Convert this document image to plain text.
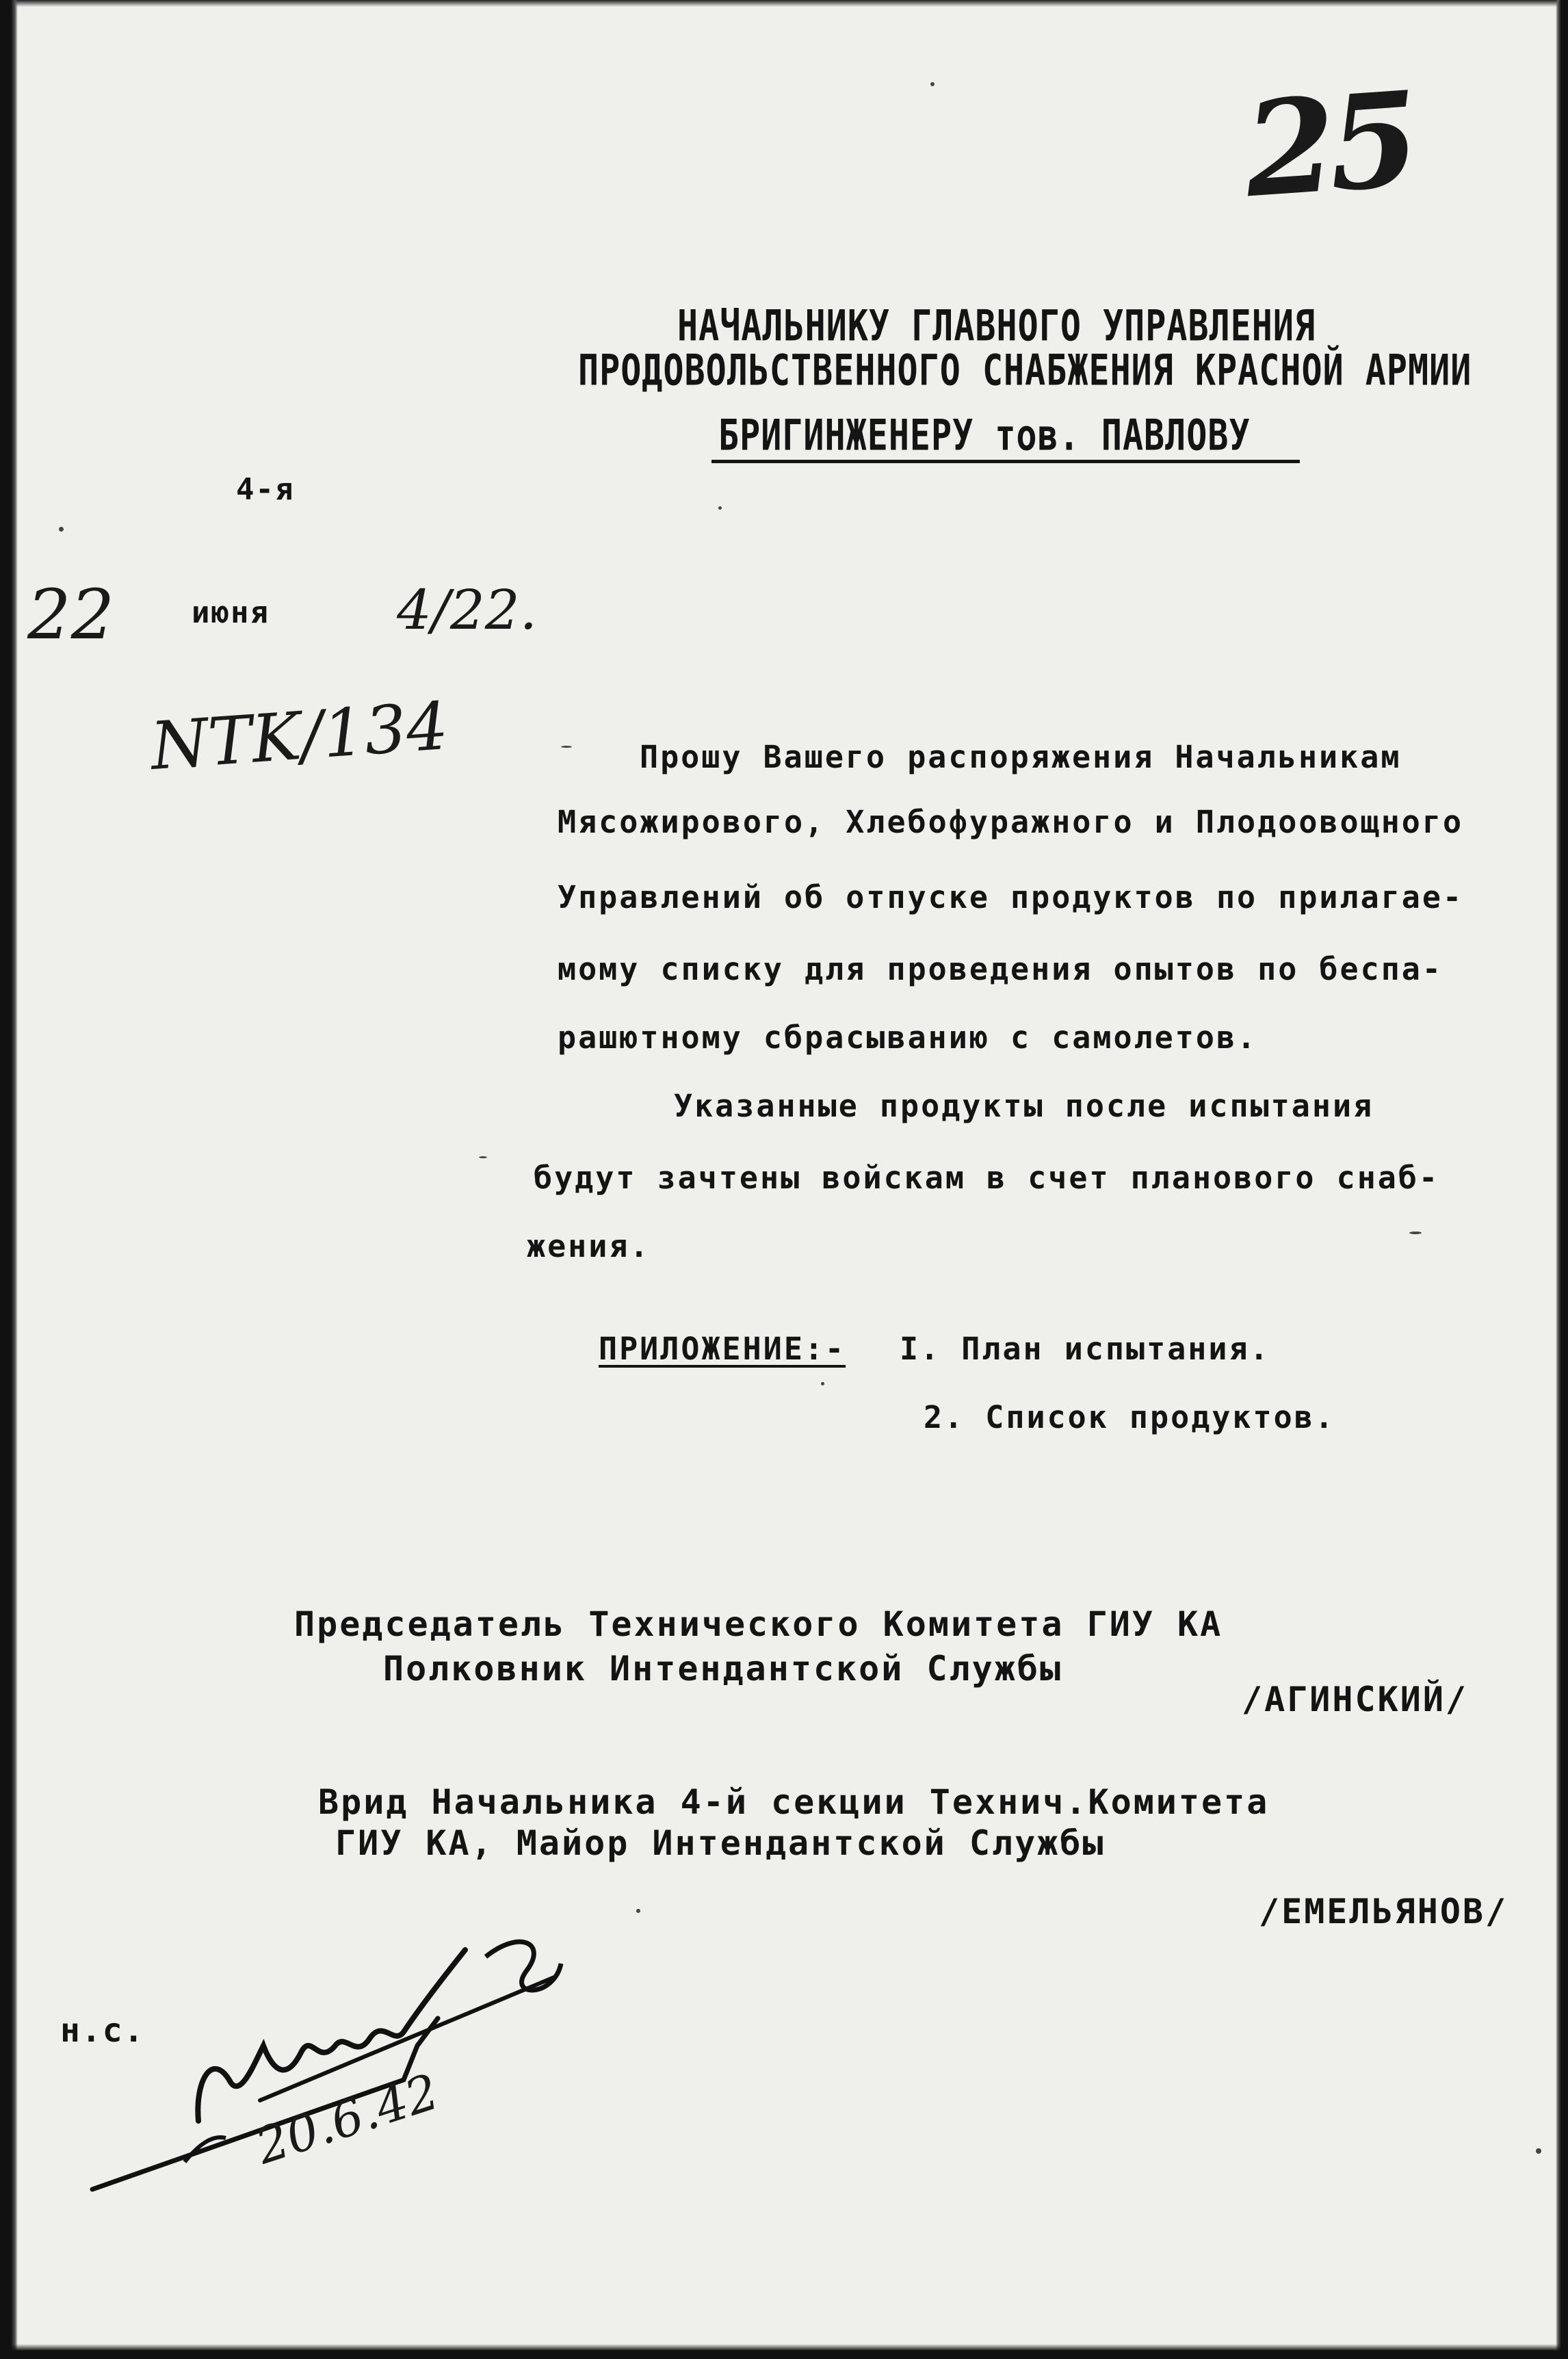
25
НАЧАЛЬНИКУ ГЛАВНОГО УПРАВЛЕНИЯ
ПРОДОВОЛЬСТВЕННОГО СНАБЖЕНИЯ КРАСНОЙ АРМИИ
БРИГИНЖЕНЕРУ тов. ПАВЛОВУ
4-я
22	июня 4/22.
NTK/134	Прошу Вашего распоряжения Начальникам
Мясожирового, Хлебофуражного и Плодоовощного
Управлений об отпуске продуктов по прилагае-
мому списку для проведения опытов по беспа-
рашютному сбрасыванию с самолетов.
Указанные продукты после испытания
будут зачтены войскам в счет планового снаб-
жения.
ПРИЛОЖЕНИЕ:- I. План испытания.
2. Список продуктов.
Председатель Технического Комитета ГИУ КА
Полковник Интендантской Службы
/АГИНСКИЙ/
Врид Начальника 4-й секции Технич.Комитета
ГИУ КА, Майор Интендантской Службы
/ЕМЕЛЬЯНОВ/
н.с.
20.6.42
